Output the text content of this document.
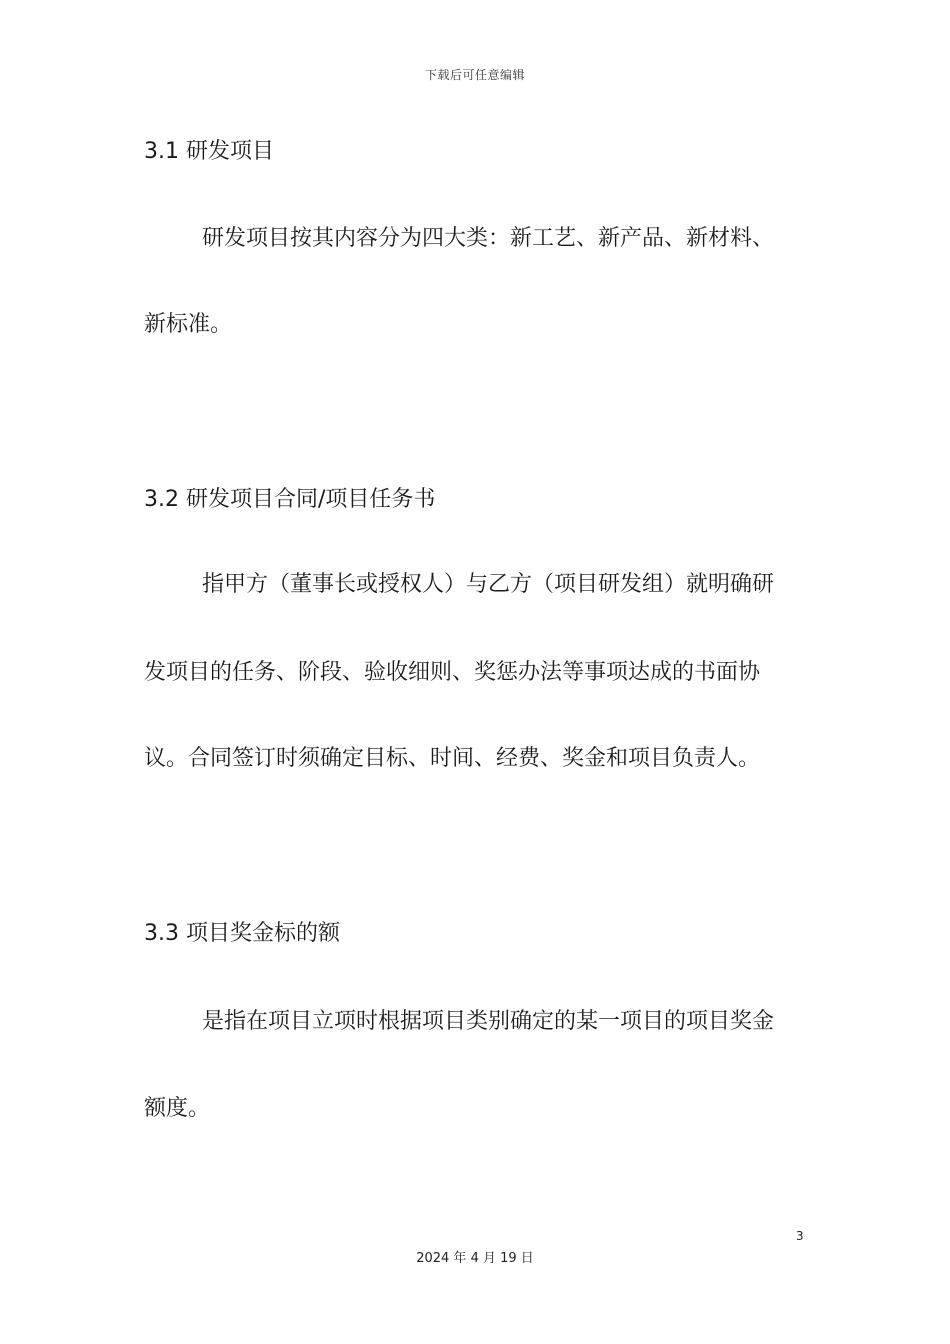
下载后可任意编辑
3.1 研发项目
研发项目按其内容分为四大类：新工艺、新产品、新材料、
新标准。
3.2 研发项目合同/项目任务书
指甲方（董事长或授权人）与乙方（项目研发组）就明确研
发项目的任务、阶段、验收细则、奖惩办法等事项达成的书面协
议。合同签订时须确定目标、时间、经费、奖金和项目负责人。
3.3 项目奖金标的额
是指在项目立项时根据项目类别确定的某一项目的项目奖金
额度。
3
2024 年 4 月 19 日
